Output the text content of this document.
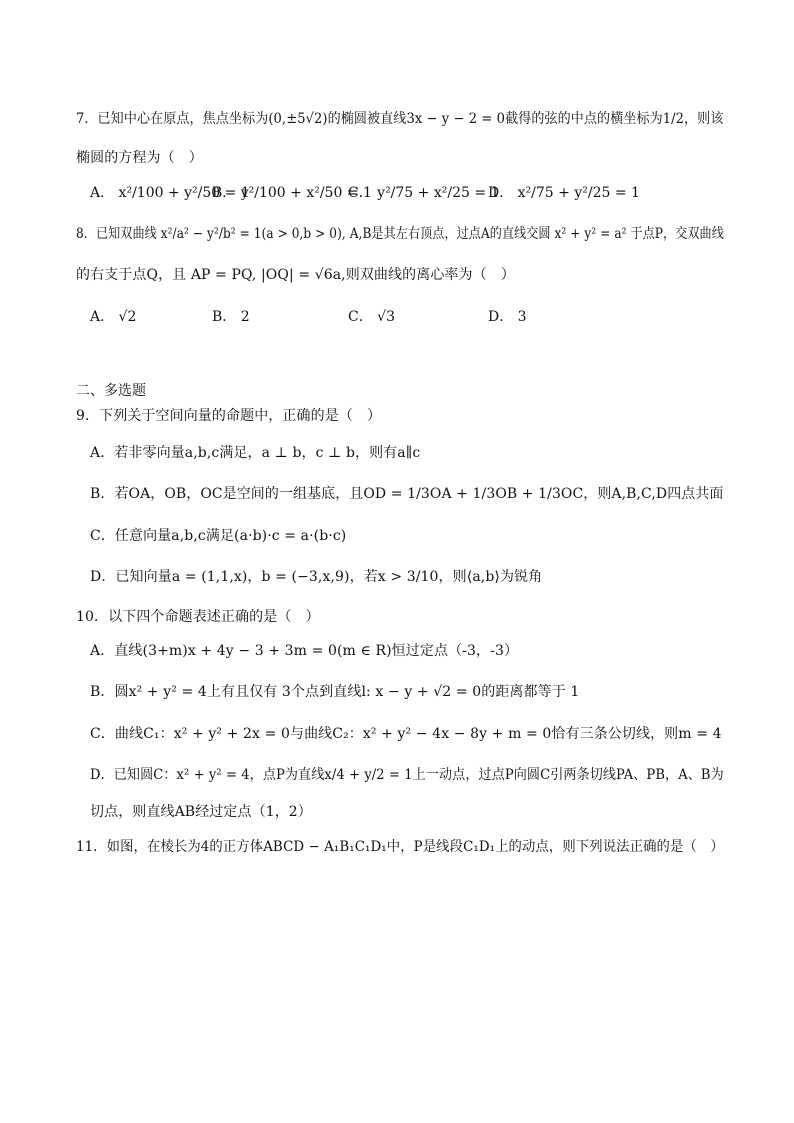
7．已知中心在原点，焦点坐标为(0,±5√2)的椭圆被直线3x − y − 2 = 0截得的弦的中点的横坐标为1/2，则该
椭圆的方程为（　）
A． x²/100 + y²/50 = 1
B． y²/100 + x²/50 = 1
C． y²/75 + x²/25 = 1
D． x²/75 + y²/25 = 1
8．已知双曲线 x²/a² − y²/b² = 1(a > 0,b > 0), A,B是其左右顶点，过点A的直线交圆 x² + y² = a² 于点P，交双曲线
的右支于点Q，且 AP = PQ, |OQ| = √6a,则双曲线的离心率为（　）
A． √2	B． 2	C． √3	D． 3
二、多选题
9．下列关于空间向量的命题中，正确的是（　）
A．若非零向量a,b,c满足，a ⊥ b，c ⊥ b，则有a∥c
B．若OA，OB，OC是空间的一组基底，且OD = 1/3OA + 1/3OB + 1/3OC，则A,B,C,D四点共面
C．任意向量a,b,c满足(a·b)·c = a·(b·c)
D．已知向量a = (1,1,x)，b = (−3,x,9)，若x > 3/10，则⟨a,b⟩为锐角
10．以下四个命题表述正确的是（　）
A．直线(3+m)x + 4y − 3 + 3m = 0(m ∈ R)恒过定点（-3，-3）
B．圆x² + y² = 4上有且仅有 3个点到直线l: x − y + √2 = 0的距离都等于 1
C．曲线C₁：x² + y² + 2x = 0与曲线C₂：x² + y² − 4x − 8y + m = 0恰有三条公切线，则m = 4
D．已知圆C：x² + y² = 4，点P为直线x/4 + y/2 = 1上一动点，过点P向圆C引两条切线PA、PB，A、B为
切点，则直线AB经过定点（1，2）
11．如图，在棱长为4的正方体ABCD − A₁B₁C₁D₁中，P是线段C₁D₁上的动点，则下列说法正确的是（　）
